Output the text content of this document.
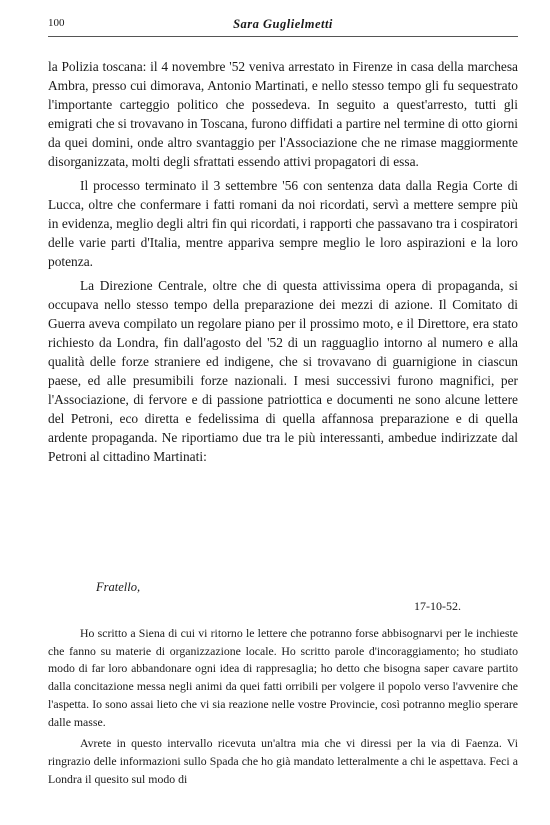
100	Sara Guglielmetti

la Polizia toscana: il 4 novembre '52 veniva arrestato in Firenze in casa della marchesa Ambra, presso cui dimorava, Antonio Martinati, e nello stesso tempo gli fu sequestrato l'importante carteggio politico che possedeva. In seguito a quest'arresto, tutti gli emigrati che si trovavano in Toscana, furono diffidati a partire nel termine di otto giorni da quei domini, onde altro svantaggio per l'Associazione che ne rimase maggiormente disorganizzata, molti degli sfrattati essendo attivi propagatori di essa.

Il processo terminato il 3 settembre '56 con sentenza data dalla Regia Corte di Lucca, oltre che confermare i fatti romani da noi ricordati, servì a mettere sempre più in evidenza, meglio degli altri fin qui ricordati, i rapporti che passavano tra i cospiratori delle varie parti d'Italia, mentre appariva sempre meglio le loro aspirazioni e la loro potenza.

La Direzione Centrale, oltre che di questa attivissima opera di propaganda, si occupava nello stesso tempo della preparazione dei mezzi di azione. Il Comitato di Guerra aveva compilato un regolare piano per il prossimo moto, e il Direttore, era stato richiesto da Londra, fin dall'agosto del '52 di un ragguaglio intorno al numero e alla qualità delle forze straniere ed indigene, che si trovavano di guarnigione in ciascun paese, ed alle presumibili forze nazionali. I mesi successivi furono magnifici, per l'Associazione, di fervore e di passione patriottica e documenti ne sono alcune lettere del Petroni, eco diretta e fedelissima di quella affannosa preparazione e di quella ardente propaganda. Ne riportiamo due tra le più interessanti, ambedue indirizzate dal Petroni al cittadino Martinati:

Fratello,
17-10-52.

Ho scritto a Siena di cui vi ritorno le lettere che potranno forse abbisognarvi per le inchieste che fanno su materie di organizzazione locale. Ho scritto parole d'incoraggiamento; ho studiato modo di far loro abbandonare ogni idea di rappresaglia; ho detto che bisogna saper cavare partito dalla concitazione messa negli animi da quei fatti orribili per volgere il popolo verso l'avvenire che l'aspetta. Io sono assai lieto che vi sia reazione nelle vostre Provincie, così potranno meglio sperare dalle masse.

Avrete in questo intervallo ricevuta un'altra mia che vi diressi per la via di Faenza. Vi ringrazio delle informazioni sullo Spada che ho già mandato letteralmente a chi le aspettava. Feci a Londra il quesito sul modo di
